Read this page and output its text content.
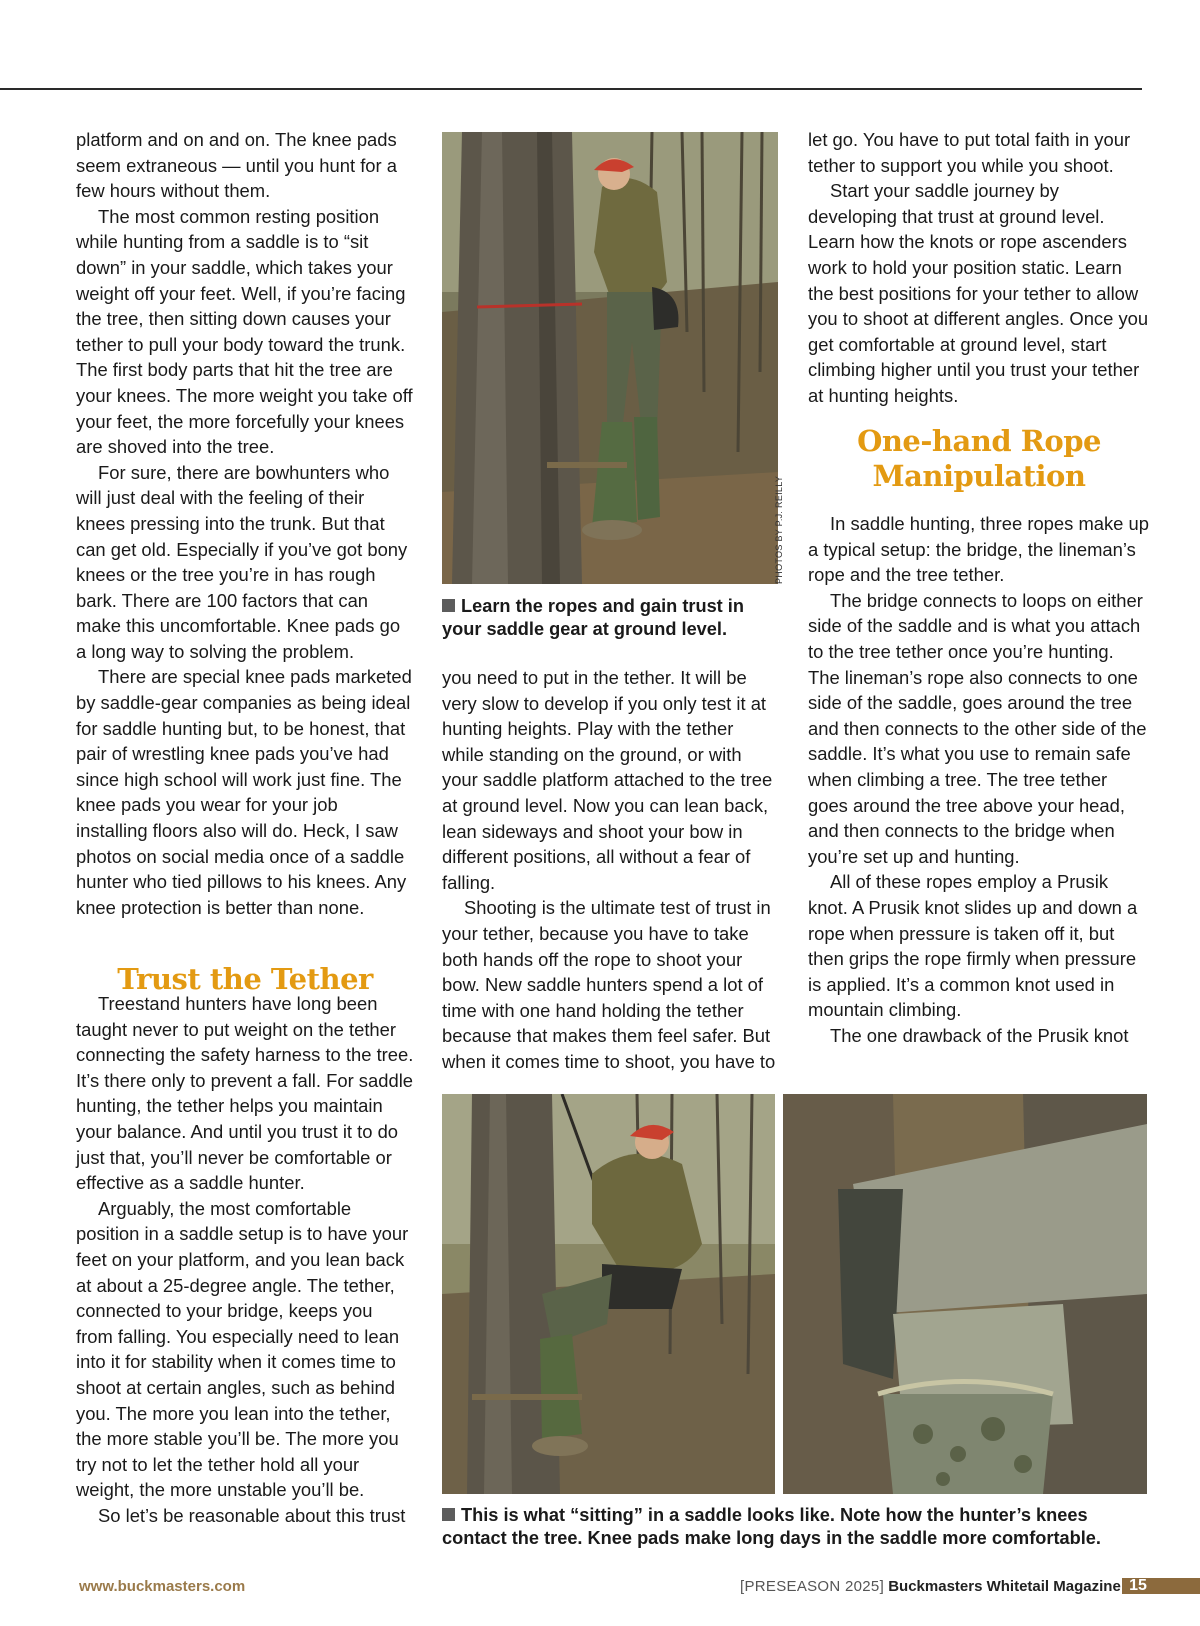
platform and on and on. The knee pads seem extraneous — until you hunt for a few hours without them.

The most common resting position while hunting from a saddle is to “sit down” in your saddle, which takes your weight off your feet. Well, if you’re facing the tree, then sitting down causes your tether to pull your body toward the trunk. The first body parts that hit the tree are your knees. The more weight you take off your feet, the more forcefully your knees are shoved into the tree.

For sure, there are bowhunters who will just deal with the feeling of their knees pressing into the trunk. But that can get old. Especially if you’ve got bony knees or the tree you’re in has rough bark. There are 100 factors that can make this uncomfortable. Knee pads go a long way to solving the problem.

There are special knee pads marketed by saddle-gear companies as being ideal for saddle hunting but, to be honest, that pair of wrestling knee pads you’ve had since high school will work just fine. The knee pads you wear for your job installing floors also will do. Heck, I saw photos on social media once of a saddle hunter who tied pillows to his knees. Any knee protection is better than none.

Trust the Tether

Treestand hunters have long been taught never to put weight on the tether connecting the safety harness to the tree. It’s there only to prevent a fall. For saddle hunting, the tether helps you maintain your balance. And until you trust it to do just that, you’ll never be comfortable or effective as a saddle hunter.

Arguably, the most comfortable position in a saddle setup is to have your feet on your platform, and you lean back at about a 25-degree angle. The tether, connected to your bridge, keeps you from falling. You especially need to lean into it for stability when it comes time to shoot at certain angles, such as behind you. The more you lean into the tether, the more stable you’ll be. The more you try not to let the tether hold all your weight, the more unstable you’ll be.

So let’s be reasonable about this trust

PHOTOS BY P.J. REILLY
Learn the ropes and gain trust in your saddle gear at ground level.

you need to put in the tether. It will be very slow to develop if you only test it at hunting heights. Play with the tether while standing on the ground, or with your saddle platform attached to the tree at ground level. Now you can lean back, lean sideways and shoot your bow in different positions, all without a fear of falling.

Shooting is the ultimate test of trust in your tether, because you have to take both hands off the rope to shoot your bow. New saddle hunters spend a lot of time with one hand holding the tether because that makes them feel safer. But when it comes time to shoot, you have to

let go. You have to put total faith in your tether to support you while you shoot.

Start your saddle journey by developing that trust at ground level. Learn how the knots or rope ascenders work to hold your position static. Learn the best positions for your tether to allow you to shoot at different angles. Once you get comfortable at ground level, start climbing higher until you trust your tether at hunting heights.

One-hand Rope
Manipulation

In saddle hunting, three ropes make up a typical setup: the bridge, the lineman’s rope and the tree tether.

The bridge connects to loops on either side of the saddle and is what you attach to the tree tether once you’re hunting. The lineman’s rope also connects to one side of the saddle, goes around the tree and then connects to the other side of the saddle. It’s what you use to remain safe when climbing a tree. The tree tether goes around the tree above your head, and then connects to the bridge when you’re set up and hunting.

All of these ropes employ a Prusik knot. A Prusik knot slides up and down a rope when pressure is taken off it, but then grips the rope firmly when pressure is applied. It’s a common knot used in mountain climbing.

The one drawback of the Prusik knot

This is what “sitting” in a saddle looks like. Note how the hunter’s knees contact the tree. Knee pads make long days in the saddle more comfortable.
www.buckmasters.com	[PRESEASON 2025] Buckmasters Whitetail Magazine 15
